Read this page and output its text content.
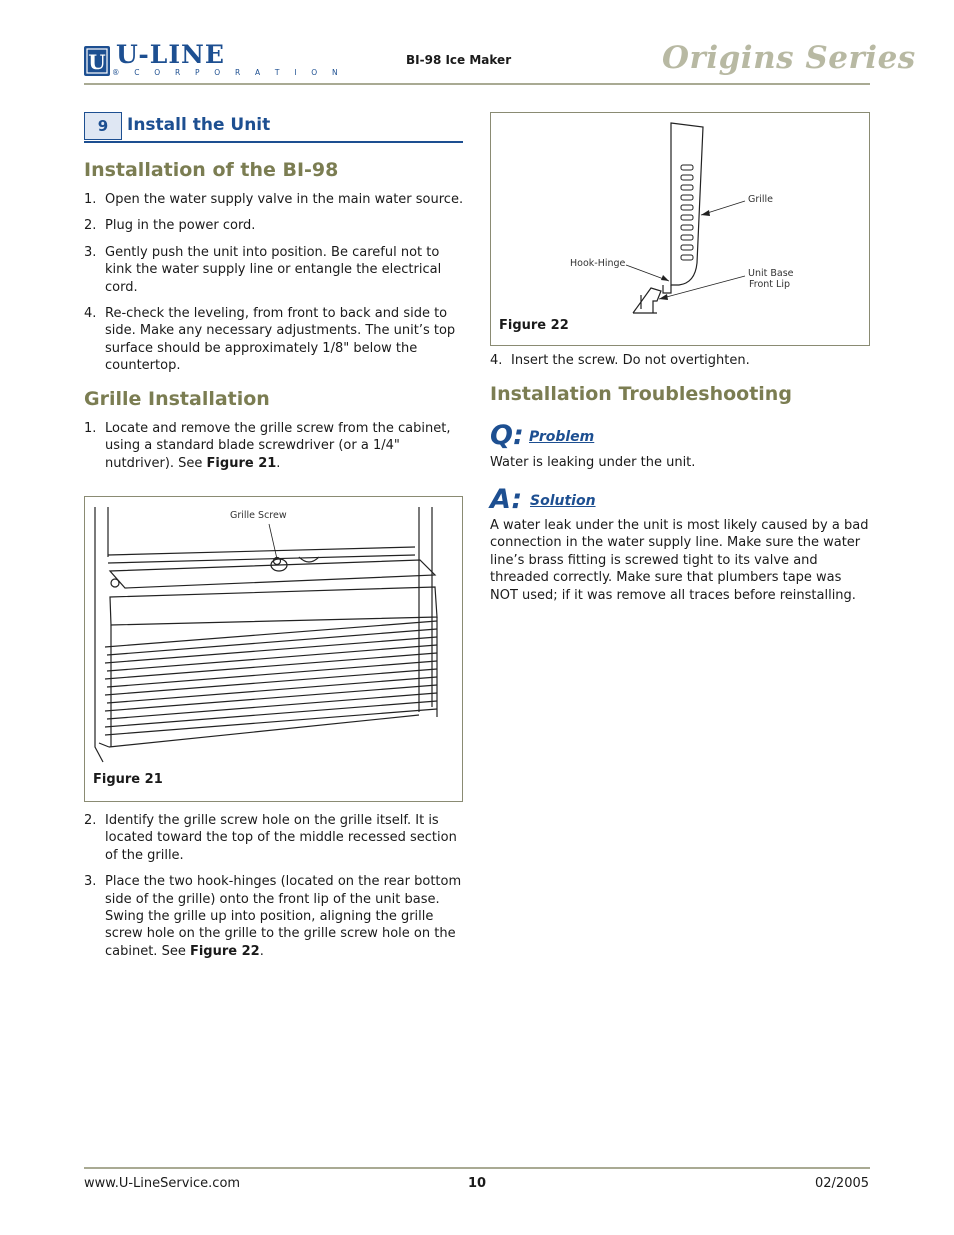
U U-LINE
® C O R P O R A T I O N
BI-98 Ice Maker	Origins Series
9	Install the Unit
Installation of the BI-98
1. Open the water supply valve in the main water source.
2. Plug in the power cord.
3. Gently push the unit into position. Be careful not to kink the water supply line or entangle the electrical cord.
4. Re-check the leveling, from front to back and side to side. Make any necessary adjustments. The unit’s top surface should be approximately 1/8" below the countertop.
Grille Installation
1. Locate and remove the grille screw from the cabinet, using a standard blade screwdriver (or a 1/4" nutdriver). See Figure 21.
Grille Screw
Figure 21
2. Identify the grille screw hole on the grille itself. It is located toward the top of the middle recessed section of the grille.
3. Place the two hook-hinges (located on the rear bottom side of the grille) onto the front lip of the unit base. Swing the grille up into position, aligning the grille screw hole on the grille to the grille screw hole on the cabinet. See Figure 22.
Grille
Hook-Hinge
Unit Base
Front Lip
Figure 22
4. Insert the screw. Do not overtighten.
Installation Troubleshooting
Q: Problem
Water is leaking under the unit.
A: Solution
A water leak under the unit is most likely caused by a bad connection in the water supply line. Make sure the water line’s brass fitting is screwed tight to its valve and threaded correctly. Make sure that plumbers tape was NOT used; if it was remove all traces before reinstalling.
www.U-LineService.com	10	02/2005
